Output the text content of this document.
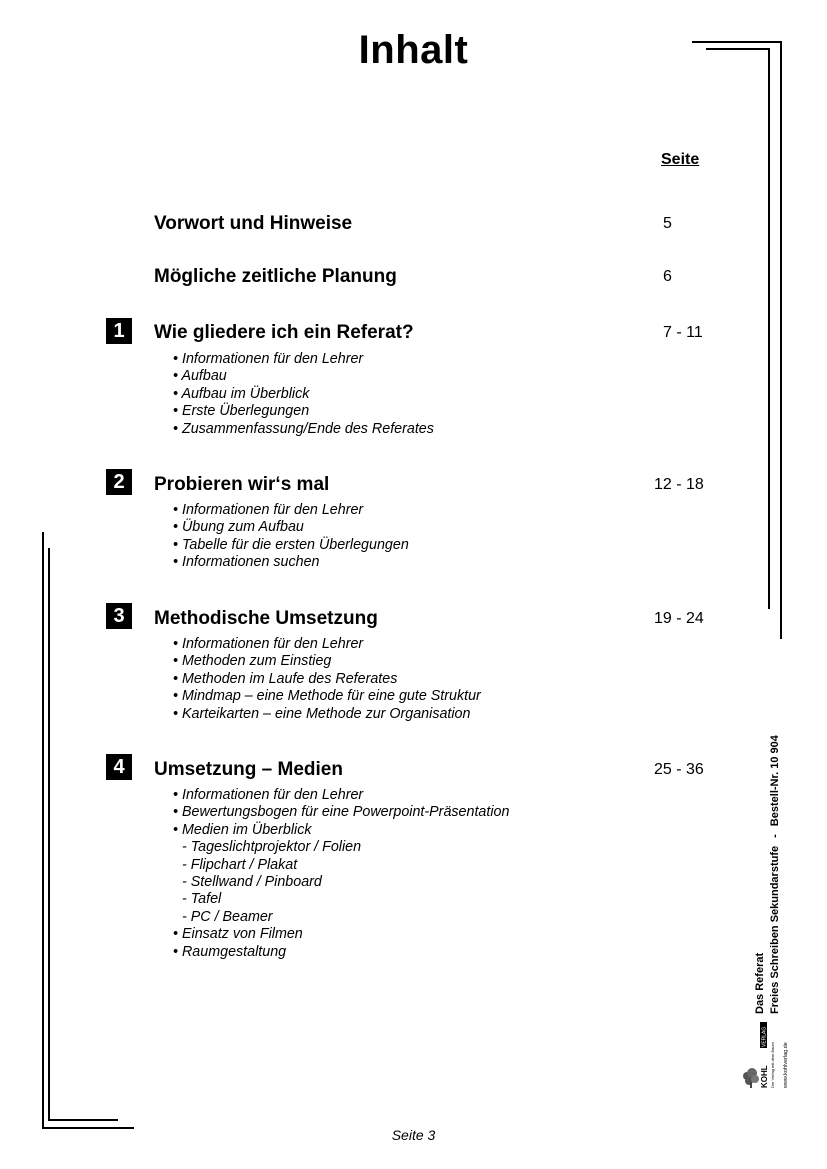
Inhalt
Seite
Vorwort und Hinweise	5
Mögliche zeitliche Planung	6
1	Wie gliedere ich ein Referat?	7 - 11
• Informationen für den Lehrer
• Aufbau
• Aufbau im Überblick
• Erste Überlegungen
• Zusammenfassung/Ende des Referates
2	Probieren wir‘s mal	12 - 18
• Informationen für den Lehrer
• Übung zum Aufbau
• Tabelle für die ersten Überlegungen
• Informationen suchen
3	Methodische Umsetzung	19 - 24
• Informationen für den Lehrer
• Methoden zum Einstieg
• Methoden im Laufe des Referates
• Mindmap – eine Methode für eine gute Struktur
• Karteikarten – eine Methode zur Organisation
4	Umsetzung – Medien	25 - 36
• Informationen für den Lehrer
• Bewertungsbogen für eine Powerpoint-Präsentation
• Medien im Überblick
- Tageslichtprojektor / Folien
- Flipchart / Plakat
- Stellwand / Pinboard
- Tafel
- PC / Beamer
• Einsatz von Filmen
• Raumgestaltung
Das Referat Freies Schreiben Sekundarstufe-Bestell-Nr. 10 904
KOHL
VERLAG
Der Verlag mit dem Baum www.kohlverlag.de
Seite 3
